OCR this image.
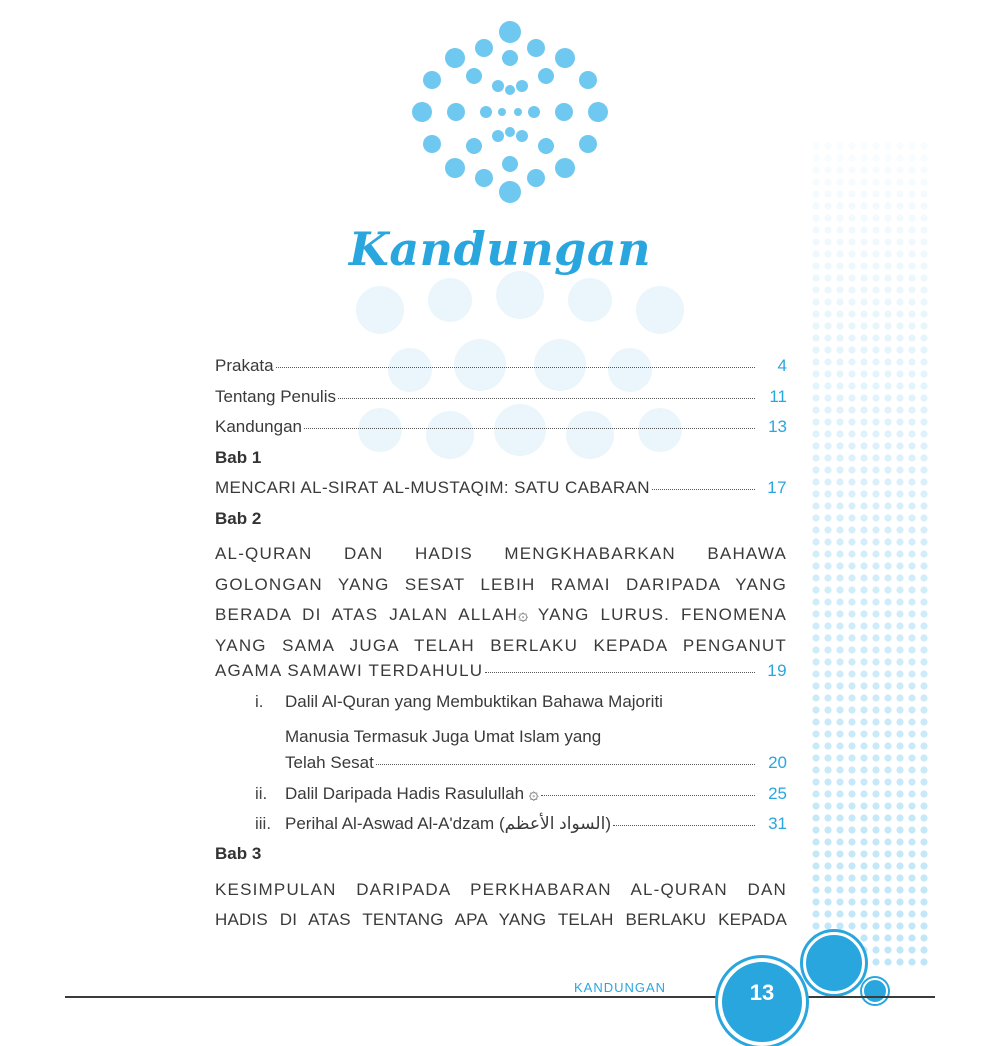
Kandungan
Prakata	4
Tentang Penulis	11
Kandungan	13
Bab 1
MENCARI AL-SIRAT AL-MUSTAQIM: SATU CABARAN	17
Bab 2
AL-QURAN DAN HADIS MENGKHABARKAN BAHAWA
GOLONGAN YANG SESAT LEBIH RAMAI DARIPADA YANG
BERADA DI ATAS JALAN ALLAH۞ YANG LURUS. FENOMENA
YANG SAMA JUGA TELAH BERLAKU KEPADA PENGANUT
AGAMA SAMAWI TERDAHULU	19
i.	Dalil Al-Quran yang Membuktikan Bahawa Majoriti
Manusia Termasuk Juga Umat Islam yang
Telah Sesat	20
ii.	Dalil Daripada Hadis Rasulullah ۞	25
iii. Perihal Al-Aswad Al-A'dzam (السواد الأعظم)	31
Bab 3
KESIMPULAN DARIPADA PERKHABARAN AL-QURAN DAN
HADIS DI ATAS TENTANG APA YANG TELAH BERLAKU KEPADA
KANDUNGAN	13
